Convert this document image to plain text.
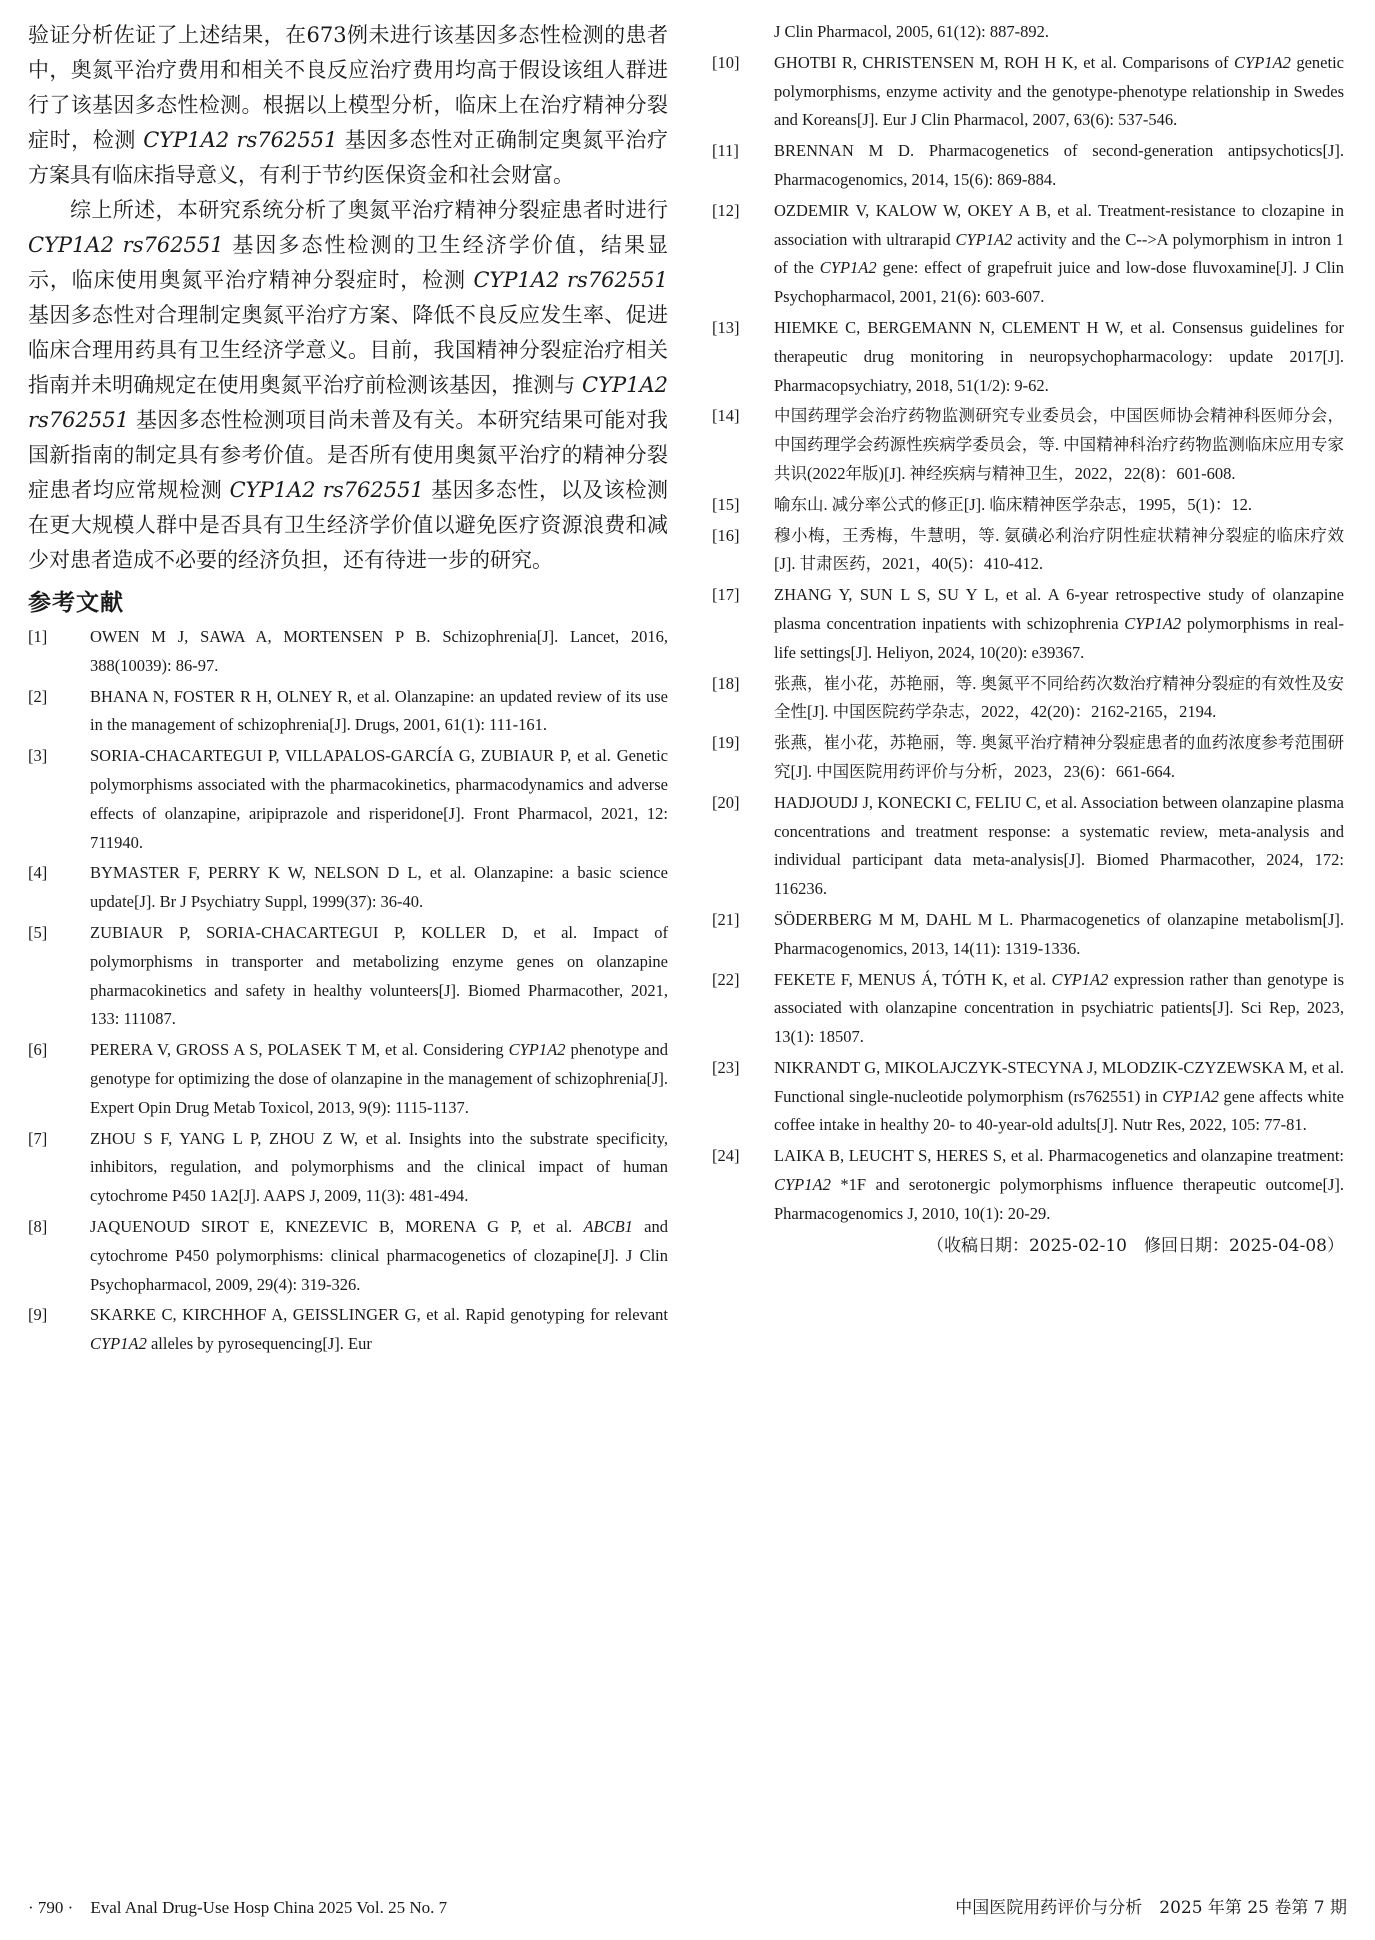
验证分析佐证了上述结果，在673例未进行该基因多态性检测的患者中，奥氮平治疗费用和相关不良反应治疗费用均高于假设该组人群进行了该基因多态性检测。根据以上模型分析，临床上在治疗精神分裂症时，检测 CYP1A2 rs762551 基因多态性对正确制定奥氮平治疗方案具有临床指导意义，有利于节约医保资金和社会财富。

综上所述，本研究系统分析了奥氮平治疗精神分裂症患者时进行 CYP1A2 rs762551 基因多态性检测的卫生经济学价值，结果显示，临床使用奥氮平治疗精神分裂症时，检测 CYP1A2 rs762551 基因多态性对合理制定奥氮平治疗方案、降低不良反应发生率、促进临床合理用药具有卫生经济学意义。目前，我国精神分裂症治疗相关指南并未明确规定在使用奥氮平治疗前检测该基因，推测与 CYP1A2 rs762551 基因多态性检测项目尚未普及有关。本研究结果可能对我国新指南的制定具有参考价值。是否所有使用奥氮平治疗的精神分裂症患者均应常规检测 CYP1A2 rs762551 基因多态性，以及该检测在更大规模人群中是否具有卫生经济学价值以避免医疗资源浪费和减少对患者造成不必要的经济负担，还有待进一步的研究。

参考文献
[1]	OWEN M J, SAWA A, MORTENSEN P B. Schizophrenia[J]. Lancet, 2016, 388(10039): 86-97.
[2]	BHANA N, FOSTER R H, OLNEY R, et al. Olanzapine: an updated review of its use in the management of schizophrenia[J]. Drugs, 2001, 61(1): 111-161.
[3]	SORIA-CHACARTEGUI P, VILLAPALOS-GARCÍA G, ZUBIAUR P, et al. Genetic polymorphisms associated with the pharmacokinetics, pharmacodynamics and adverse effects of olanzapine, aripiprazole and risperidone[J]. Front Pharmacol, 2021, 12: 711940.
[4]	BYMASTER F, PERRY K W, NELSON D L, et al. Olanzapine: a basic science update[J]. Br J Psychiatry Suppl, 1999(37): 36-40.
[5]	ZUBIAUR P, SORIA-CHACARTEGUI P, KOLLER D, et al. Impact of polymorphisms in transporter and metabolizing enzyme genes on olanzapine pharmacokinetics and safety in healthy volunteers[J]. Biomed Pharmacother, 2021, 133: 111087.
[6]	PERERA V, GROSS A S, POLASEK T M, et al. Considering CYP1A2 phenotype and genotype for optimizing the dose of olanzapine in the management of schizophrenia[J]. Expert Opin Drug Metab Toxicol, 2013, 9(9): 1115-1137.
[7]	ZHOU S F, YANG L P, ZHOU Z W, et al. Insights into the substrate specificity, inhibitors, regulation, and polymorphisms and the clinical impact of human cytochrome P450 1A2[J]. AAPS J, 2009, 11(3): 481-494.
[8]	JAQUENOUD SIROT E, KNEZEVIC B, MORENA G P, et al. ABCB1 and cytochrome P450 polymorphisms: clinical pharmacogenetics of clozapine[J]. J Clin Psychopharmacol, 2009, 29(4): 319-326.
[9]	SKARKE C, KIRCHHOF A, GEISSLINGER G, et al. Rapid genotyping for relevant CYP1A2 alleles by pyrosequencing[J]. Eur
J Clin Pharmacol, 2005, 61(12): 887-892.
[10]	GHOTBI R, CHRISTENSEN M, ROH H K, et al. Comparisons of CYP1A2 genetic polymorphisms, enzyme activity and the genotype-phenotype relationship in Swedes and Koreans[J]. Eur J Clin Pharmacol, 2007, 63(6): 537-546.
[11]	BRENNAN M D. Pharmacogenetics of second-generation antipsychotics[J]. Pharmacogenomics, 2014, 15(6): 869-884.
[12]	OZDEMIR V, KALOW W, OKEY A B, et al. Treatment-resistance to clozapine in association with ultrarapid CYP1A2 activity and the C-->A polymorphism in intron 1 of the CYP1A2 gene: effect of grapefruit juice and low-dose fluvoxamine[J]. J Clin Psychopharmacol, 2001, 21(6): 603-607.
[13]	HIEMKE C, BERGEMANN N, CLEMENT H W, et al. Consensus guidelines for therapeutic drug monitoring in neuropsychopharmacology: update 2017[J]. Pharmacopsychiatry, 2018, 51(1/2): 9-62.
[14]	中国药理学会治疗药物监测研究专业委员会，中国医师协会精神科医师分会，中国药理学会药源性疾病学委员会，等. 中国精神科治疗药物监测临床应用专家共识(2022年版)[J]. 神经疾病与精神卫生，2022，22(8)：601-608.
[15]	喻东山. 减分率公式的修正[J]. 临床精神医学杂志，1995，5(1)：12.
[16]	穆小梅，王秀梅，牛慧明，等. 氨磺必利治疗阴性症状精神分裂症的临床疗效[J]. 甘肃医药，2021，40(5)：410-412.
[17]	ZHANG Y, SUN L S, SU Y L, et al. A 6-year retrospective study of olanzapine plasma concentration inpatients with schizophrenia CYP1A2 polymorphisms in real-life settings[J]. Heliyon, 2024, 10(20): e39367.
[18]	张燕，崔小花，苏艳丽，等. 奥氮平不同给药次数治疗精神分裂症的有效性及安全性[J]. 中国医院药学杂志，2022，42(20)：2162-2165，2194.
[19]	张燕，崔小花，苏艳丽，等. 奥氮平治疗精神分裂症患者的血药浓度参考范围研究[J]. 中国医院用药评价与分析，2023，23(6)：661-664.
[20]	HADJOUDJ J, KONECKI C, FELIU C, et al. Association between olanzapine plasma concentrations and treatment response: a systematic review, meta-analysis and individual participant data meta-analysis[J]. Biomed Pharmacother, 2024, 172: 116236.
[21]	SÖDERBERG M M, DAHL M L. Pharmacogenetics of olanzapine metabolism[J]. Pharmacogenomics, 2013, 14(11): 1319-1336.
[22]	FEKETE F, MENUS Á, TÓTH K, et al. CYP1A2 expression rather than genotype is associated with olanzapine concentration in psychiatric patients[J]. Sci Rep, 2023, 13(1): 18507.
[23]	NIKRANDT G, MIKOLAJCZYK-STECYNA J, MLODZIK-CZYZEWSKA M, et al. Functional single-nucleotide polymorphism (rs762551) in CYP1A2 gene affects white coffee intake in healthy 20- to 40-year-old adults[J]. Nutr Res, 2022, 105: 77-81.
[24]	LAIKA B, LEUCHT S, HERES S, et al. Pharmacogenetics and olanzapine treatment: CYP1A2 *1F and serotonergic polymorphisms influence therapeutic outcome[J]. Pharmacogenomics J, 2010, 10(1): 20-29.

（收稿日期：2025-02-10　修回日期：2025-04-08）

· 790 ·　Eval Anal Drug-Use Hosp China 2025 Vol. 25 No. 7	中国医院用药评价与分析　2025 年第 25 卷第 7 期
